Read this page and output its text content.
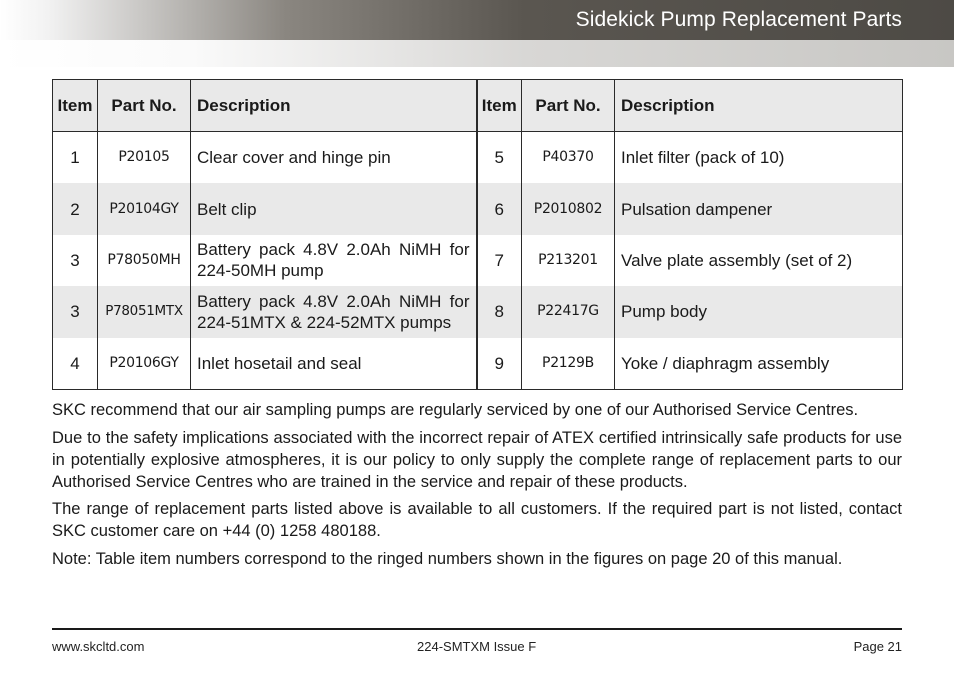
Sidekick Pump Replacement Parts
Item	Part No.	Description	Item	Part No.	Description
1	P20105	Clear cover and hinge pin	5	P40370	Inlet filter (pack of 10)
2	P20104GY	Belt clip	6	P2010802	Pulsation dampener
3	P78050MH	Battery pack 4.8V 2.0Ah NiMH for 224-50MH pump	7	P213201	Valve plate assembly (set of 2)
3	P78051MTX	Battery pack 4.8V 2.0Ah NiMH for 224-51MTX & 224-52MTX pumps	8	P22417G	Pump body
4	P20106GY	Inlet hosetail and seal	9	P2129B	Yoke / diaphragm assembly

SKC recommend that our air sampling pumps are regularly serviced by one of our Authorised Service Centres.

Due to the safety implications associated with the incorrect repair of ATEX certified intrinsically safe products for use in potentially explosive atmospheres, it is our policy to only supply the complete range of replacement parts to our Authorised Service Centres who are trained in the service and repair of these products.

The range of replacement parts listed above is available to all customers. If the required part is not listed, contact SKC customer care on +44 (0) 1258 480188.

Note: Table item numbers correspond to the ringed numbers shown in the figures on page 20 of this manual.

www.skcltd.com	224-SMTXM Issue F	Page 21
